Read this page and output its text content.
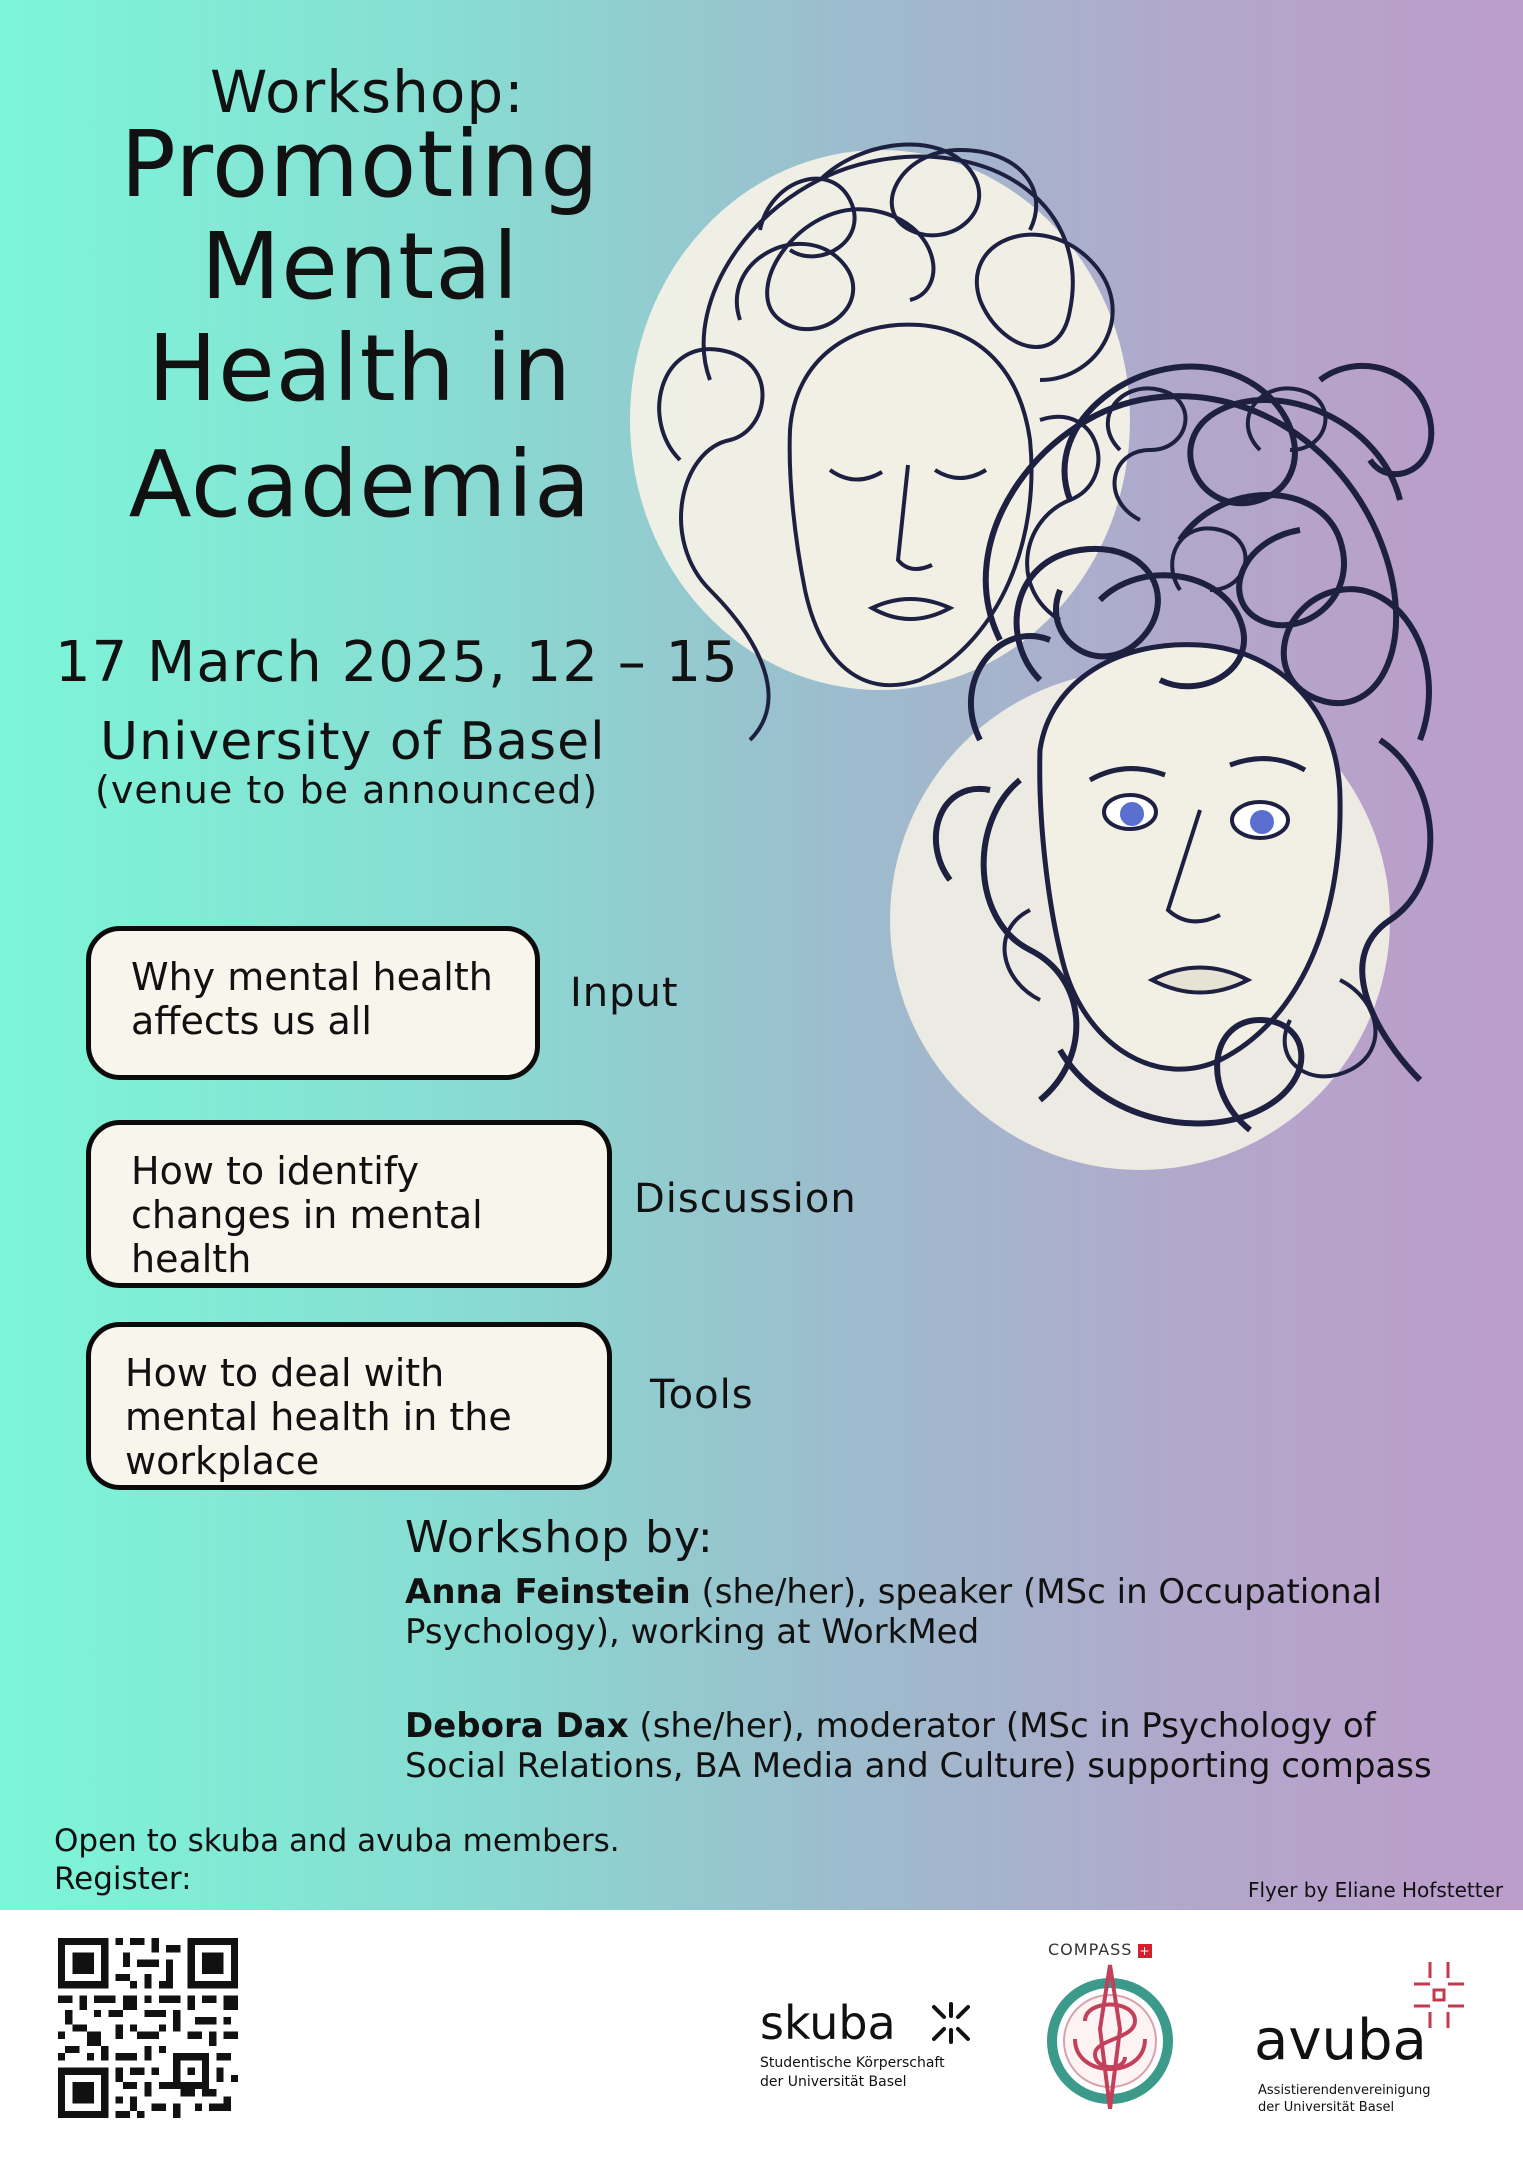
Workshop:
Promoting
Mental
Health in
Academia
17 March 2025, 12 – 15
University of Basel
(venue to be announced)
Why mental health affects us all
Input
How to identify changes in mental health
Discussion
How to deal with mental health in the workplace
Tools
Workshop by:
Anna Feinstein (she/her), speaker (MSc in Occupational Psychology), working at WorkMed
Debora Dax (she/her), moderator (MSc in Psychology of Social Relations, BA Media and Culture) supporting compass
Open to skuba and avuba members.
Register:	Flyer by Eliane Hofstetter
skuba
Studentische Körperschaft
der Universität Basel
COMPASS +
avuba
Assistierendenvereinigung
der Universität Basel
